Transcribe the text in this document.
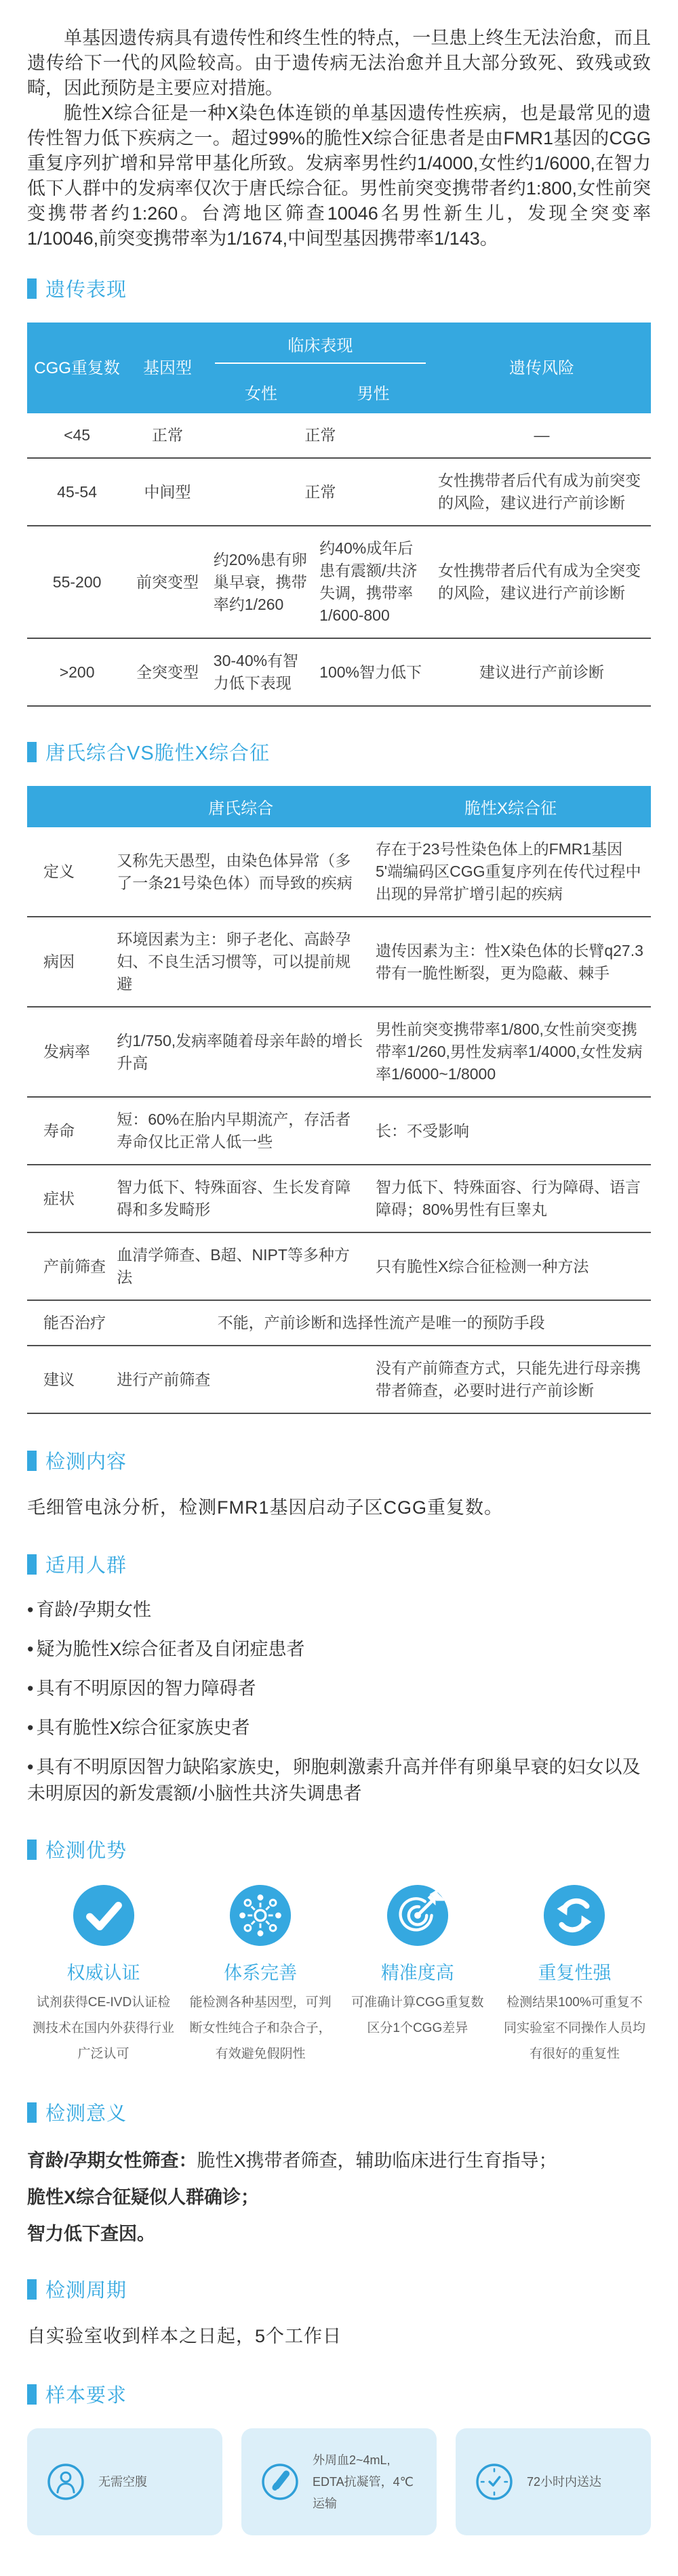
单基因遗传病具有遗传性和终生性的特点，一旦患上终生无法治愈，而且遗传给下一代的风险较高。由于遗传病无法治愈并且大部分致死、致残或致畸，因此预防是主要应对措施。

脆性X综合征是一种X染色体连锁的单基因遗传性疾病，也是最常见的遗传性智力低下疾病之一。超过99%的脆性X综合征患者是由FMR1基因的CGG重复序列扩增和异常甲基化所致。发病率男性约1/4000,女性约1/6000,在智力低下人群中的发病率仅次于唐氏综合征。男性前突变携带者约1:800,女性前突变携带者约1:260。台湾地区筛查10046名男性新生儿，发现全突变率1/10046,前突变携带率为1/1674,中间型基因携带率1/143。

遗传表现
CGG重复数	基因型	临床表现		遗传风险
		女性	男性	
<45	正常	正常		—
45-54	中间型	正常		女性携带者后代有成为前突变的风险，建议进行产前诊断
55-200	前突变型	约20%患有卵巢早衰，携带率约1/260	约40%成年后患有震额/共济失调，携带率1/600-800	女性携带者后代有成为全突变的风险，建议进行产前诊断
>200	全突变型	30-40%有智力低下表现	100%智力低下	建议进行产前诊断
唐氏综合VS脆性X综合征
	唐氏综合	脆性X综合征
定义	又称先天愚型，由染色体异常（多了一条21号染色体）而导致的疾病	存在于23号性染色体上的FMR1基因5'端编码区CGG重复序列在传代过程中出现的异常扩增引起的疾病
病因	环境因素为主：卵子老化、高龄孕妇、不良生活习惯等，可以提前规避	遗传因素为主：性X染色体的长臂q27.3带有一脆性断裂，更为隐蔽、棘手
发病率	约1/750,发病率随着母亲年龄的增长升高	男性前突变携带率1/800,女性前突变携带率1/260,男性发病率1/4000,女性发病率1/6000~1/8000
寿命	短：60%在胎内早期流产，存活者寿命仅比正常人低一些	长：不受影响
症状	智力低下、特殊面容、生长发育障碍和多发畸形	智力低下、特殊面容、行为障碍、语言障碍；80%男性有巨睾丸
产前筛查	血清学筛查、B超、NIPT等多种方法	只有脆性X综合征检测一种方法
能否治疗	不能，产前诊断和选择性流产是唯一的预防手段	
建议	进行产前筛查	没有产前筛查方式，只能先进行母亲携带者筛查，必要时进行产前诊断
检测内容

毛细管电泳分析，检测FMR1基因启动子区CGG重复数。

适用人群
• 育龄/孕期女性
• 疑为脆性X综合征者及自闭症患者
• 具有不明原因的智力障碍者
• 具有脆性X综合征家族史者
• 具有不明原因智力缺陷家族史，卵胞刺激素升高并伴有卵巢早衰的妇女以及未明原因的新发震额/小脑性共济失调患者
检测优势
权威认证
试剂获得CE-IVD认证检测技术在国内外获得行业广泛认可
体系完善
能检测各种基因型，可判断女性纯合子和杂合子，有效避免假阴性
精准度高
可准确计算CGG重复数区分1个CGG差异
重复性强
检测结果100%可重复不同实验室不同操作人员均有很好的重复性
检测意义

育龄/孕期女性筛查：脆性X携带者筛查，辅助临床进行生育指导；

脆性X综合征疑似人群确诊；

智力低下查因。

检测周期

自实验室收到样本之日起，5个工作日

样本要求
无需空腹
外周血2~4mL,
EDTA抗凝管，4℃运输
72小时内送达
